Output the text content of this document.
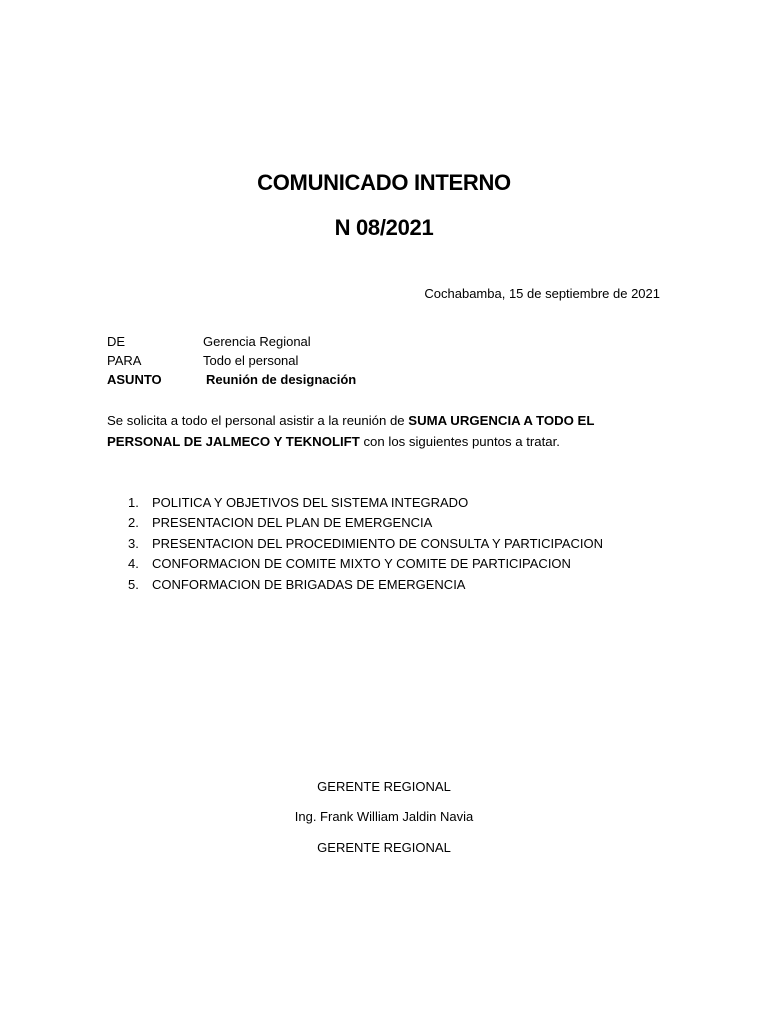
COMUNICADO INTERNO
N 08/2021
Cochabamba, 15 de septiembre de 2021
DE	Gerencia Regional
PARA	Todo el personal
ASUNTO	Reunión de designación
Se solicita a todo el personal asistir a la reunión de SUMA URGENCIA A TODO EL PERSONAL DE JALMECO Y TEKNOLIFT con los siguientes puntos a tratar.
1. POLITICA Y OBJETIVOS DEL SISTEMA INTEGRADO
2. PRESENTACION DEL PLAN DE EMERGENCIA
3. PRESENTACION DEL PROCEDIMIENTO DE CONSULTA Y PARTICIPACION
4. CONFORMACION DE COMITE MIXTO Y COMITE DE PARTICIPACION
5. CONFORMACION DE BRIGADAS DE EMERGENCIA
GERENTE REGIONAL
Ing. Frank William Jaldin Navia
GERENTE REGIONAL
